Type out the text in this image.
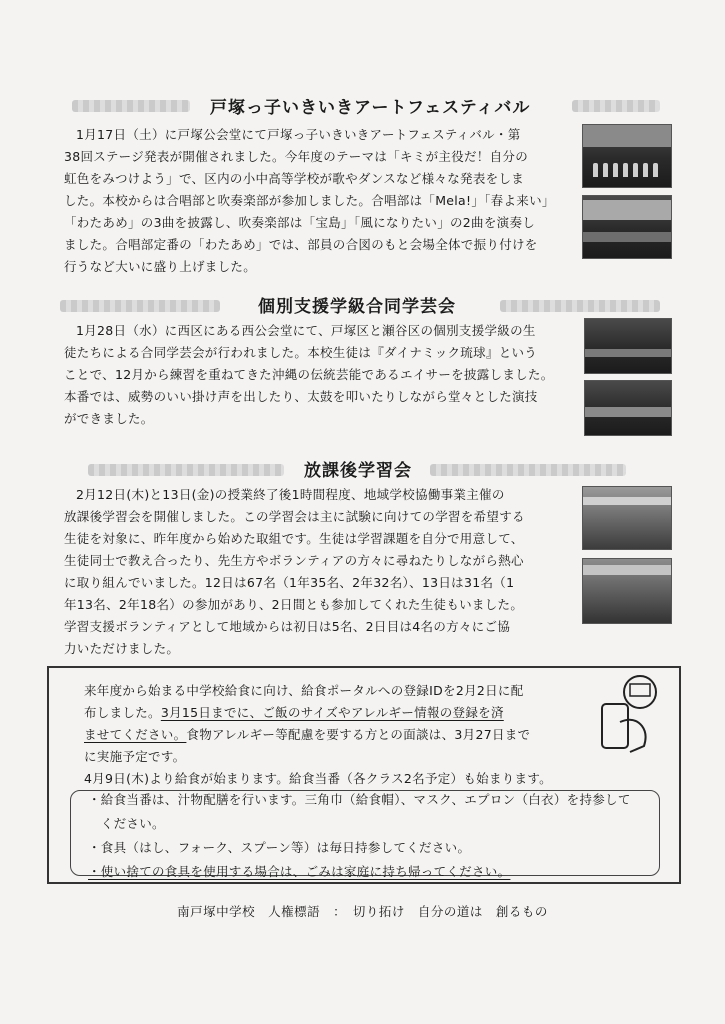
戸塚っ子いきいきアートフェスティバル

1月17日（土）に戸塚公会堂にて戸塚っ子いきいきアートフェスティバル・第

38回ステージ発表が開催されました。今年度のテーマは「キミが主役だ！自分の

虹色をみつけよう」で、区内の小中高等学校が歌やダンスなど様々な発表をしま

した。本校からは合唱部と吹奏楽部が参加しました。合唱部は「Mela!」「春よ来い」

「わたあめ」の3曲を披露し、吹奏楽部は「宝島」「風になりたい」の2曲を演奏し

ました。合唱部定番の「わたあめ」では、部員の合図のもと会場全体で振り付けを

行うなど大いに盛り上げました。

個別支援学級合同学芸会

1月28日（水）に西区にある西公会堂にて、戸塚区と瀬谷区の個別支援学級の生

徒たちによる合同学芸会が行われました。本校生徒は『ダイナミック琉球』という

ことで、12月から練習を重ねてきた沖縄の伝統芸能であるエイサーを披露しました。

本番では、威勢のいい掛け声を出したり、太鼓を叩いたりしながら堂々とした演技

ができました。

放課後学習会

2月12日(木)と13日(金)の授業終了後1時間程度、地域学校協働事業主催の

放課後学習会を開催しました。この学習会は主に試験に向けての学習を希望する

生徒を対象に、昨年度から始めた取組です。生徒は学習課題を自分で用意して、

生徒同士で教え合ったり、先生方やボランティアの方々に尋ねたりしながら熱心

に取り組んでいました。12日は67名（1年35名、2年32名）、13日は31名（1

年13名、2年18名）の参加があり、2日間とも参加してくれた生徒もいました。

学習支援ボランティアとして地域からは初日は5名、2日目は4名の方々にご協

力いただけました。

来年度から始まる中学校給食に向け、給食ポータルへの登録IDを2月2日に配
布しました。3月15日までに、ご飯のサイズやアレルギー情報の登録を済
ませてください。食物アレルギー等配慮を要する方との面談は、3月27日まで
に実施予定です。
4月9日(木)より給食が始まります。給食当番（各クラス2名予定）も始まります。
・給食当番は、汁物配膳を行います。三角巾（給食帽）、マスク、エプロン（白衣）を持参して
　ください。
・食具（はし、フォーク、スプーン等）は毎日持参してください。
・使い捨ての食具を使用する場合は、ごみは家庭に持ち帰ってください。
南戸塚中学校　人権標語　：　切り拓け　自分の道は　創るもの
